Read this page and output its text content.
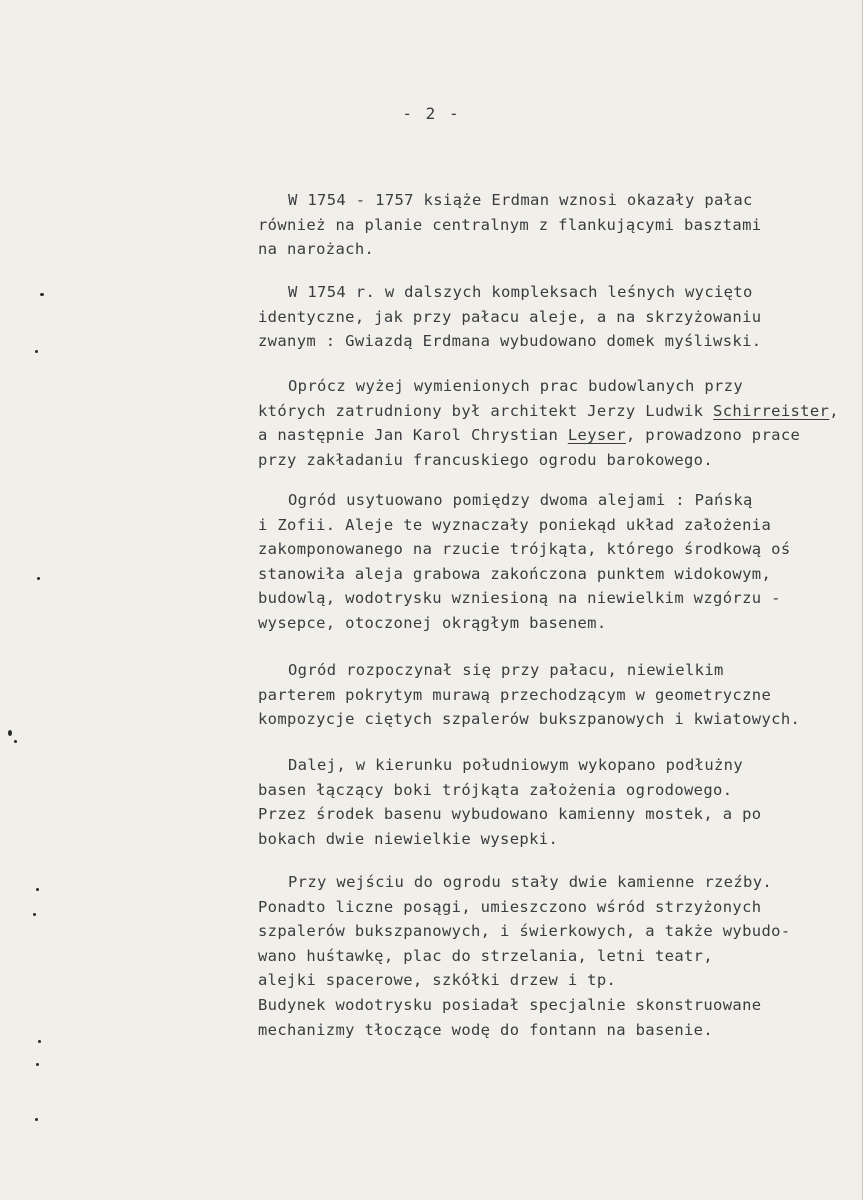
- 2 -
W 1754 - 1757 książe Erdman wznosi okazały pałac
również na planie centralnym z flankującymi basztami
na narożach.
W 1754 r. w dalszych kompleksach leśnych wycięto
identyczne, jak przy pałacu aleje, a na skrzyżowaniu
zwanym : Gwiazdą Erdmana wybudowano domek myśliwski.
Oprócz wyżej wymienionych prac budowlanych przy
których zatrudniony był architekt Jerzy Ludwik Schirreister,
a następnie Jan Karol Chrystian Leyser, prowadzono prace
przy zakładaniu francuskiego ogrodu barokowego.
Ogród usytuowano pomiędzy dwoma alejami : Pańską
i Zofii. Aleje te wyznaczały poniekąd układ założenia
zakomponowanego na rzucie trójkąta, którego środkową oś
stanowiła aleja grabowa zakończona punktem widokowym,
budowlą, wodotrysku wzniesioną na niewielkim wzgórzu -
wysepce, otoczonej okrągłym basenem.
Ogród rozpoczynał się przy pałacu, niewielkim
parterem pokrytym murawą przechodzącym w geometryczne
kompozycje ciętych szpalerów bukszpanowych i kwiatowych.
Dalej, w kierunku południowym wykopano podłużny
basen łączący boki trójkąta założenia ogrodowego.
Przez środek basenu wybudowano kamienny mostek, a po
bokach dwie niewielkie wysepki.
Przy wejściu do ogrodu stały dwie kamienne rzeźby.
Ponadto liczne posągi, umieszczono wśród strzyżonych
szpalerów bukszpanowych, i świerkowych, a także wybudo-
wano huśtawkę, plac do strzelania, letni teatr,
alejki spacerowe, szkółki drzew i tp.
Budynek wodotrysku posiadał specjalnie skonstruowane
mechanizmy tłoczące wodę do fontann na basenie.
